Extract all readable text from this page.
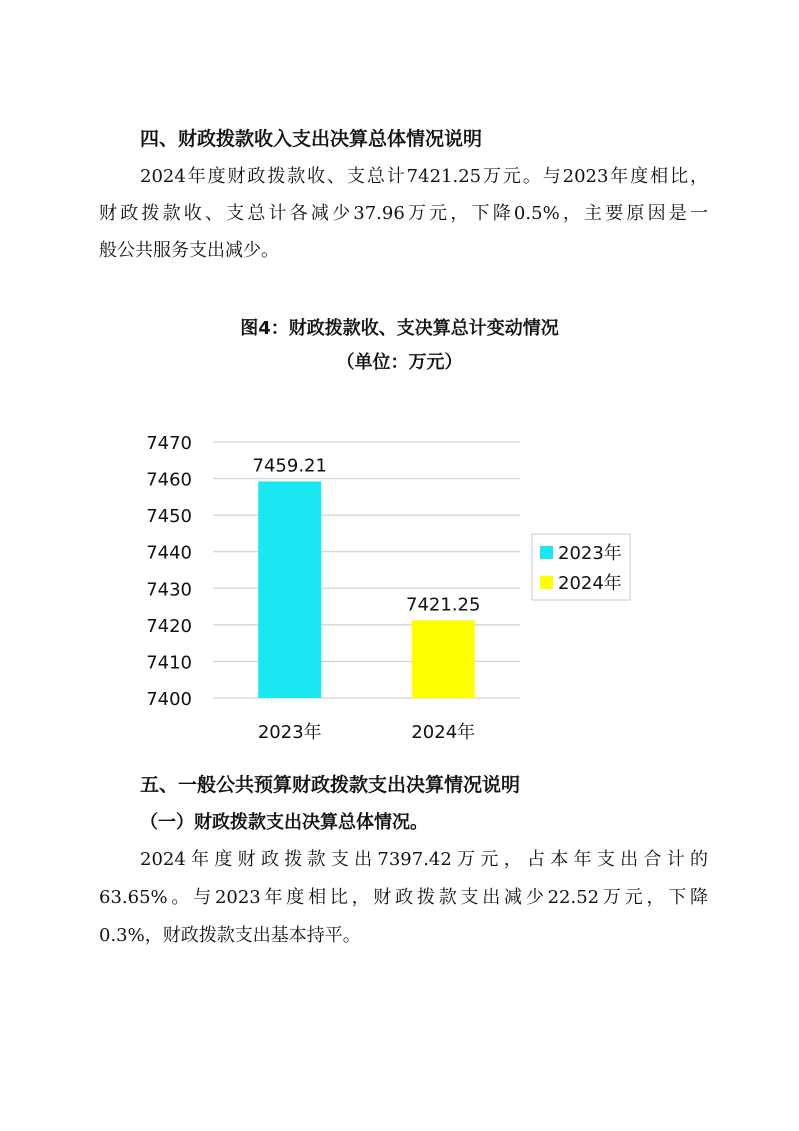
四、财政拨款收入支出决算总体情况说明

2024年度财政拨款收、支总计7421.25万元。与2023年度相比，

财政拨款收、支总计各减少37.96万元，下降0.5%，主要原因是一

般公共服务支出减少。

图4：财政拨款收、支决算总计变动情况
（单位：万元）
7470
7460
7450
7440
7430
7420
7410
7400
7459.21
7421.25
2023年	2024年
2023年
2024年
五、一般公共预算财政拨款支出决算情况说明
（一）财政拨款支出决算总体情况。

2024年度财政拨款支出7397.42万元，占本年支出合计的

63.65%。与2023年度相比，财政拨款支出减少22.52万元，下降

0.3%，财政拨款支出基本持平。
